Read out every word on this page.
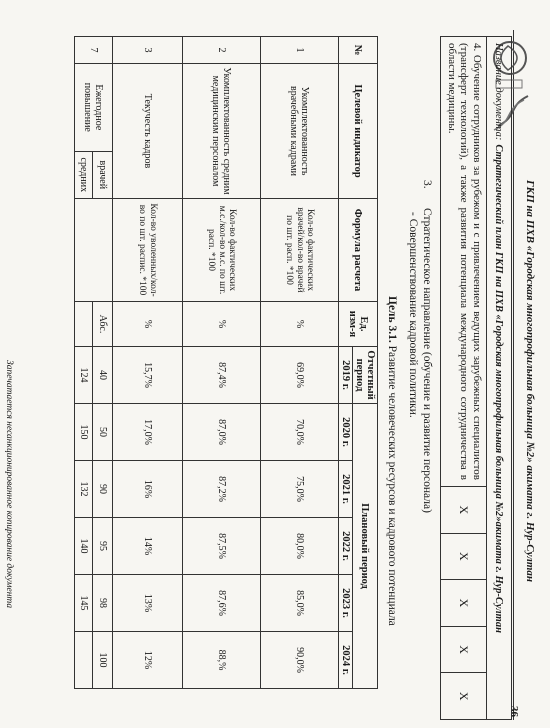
ГКП на ПХВ «Городская многопрофильная больница №2» акимата г. Нур-Султан
36
Название документа:
Стратегический план ГКП на ПХВ «Городская многопрофильная больница №2»акимата г. Нур-Султан
4. Обучение сотрудников за рубежом и с привлечением ведущих зарубежных специалистов (трансферт технологий), а также развития потенциала международного сотрудничества в области медицины.
Х
Х
Х
Х
Х
3.Стратегическое направление (обучение и развитие персонала)
- Совершенствование кадровой политики.
Цель 3.1. Развитие человеческих ресурсов и кадрового потенциала
№	Целевой индикатор		Формула расчета	Ед. изм-я	Отчетный период	Плановый период				
					2019 г.	2020 г.	2021 г.	2022 г.	2023 г.	2024 г.
1	Укомплектованность врачебными кадрами		Кол-во фактических врачей/кол-во врачей по шт. расп. *100	%	69,0%	70,0%	75,0%	80,0%	85,0%	90,0%
2	Укомплектованность средним медицинским персоналом		Кол-во фактических м.с./кол-во м.с. по шт. расп. *100	%	87,4%	87,0%	87,2%	87,5%	87,6%	88,%
3	Текучесть кадров		Кол-во уволенных/кол-во по шт. распис. *100	%	15,7%	17,0%	16%	14%	13%	12%
7	Ежегодное повышение	врачей		Абс.	40	50	90	95	98	100
		средних			124	150	132	140	145	
Запечатается несанкционированное копирование документа
